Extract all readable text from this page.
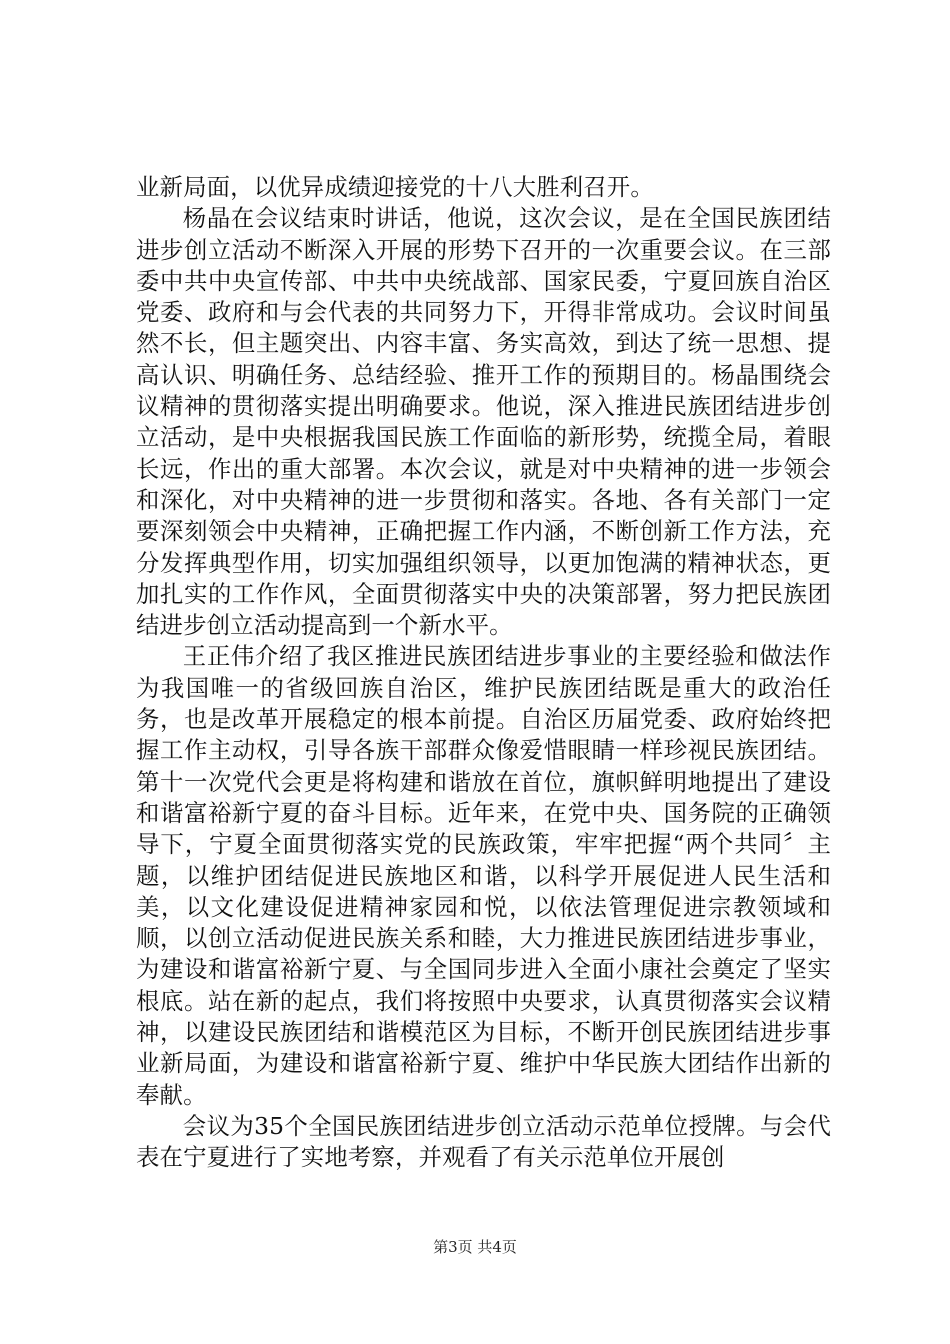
业新局面，以优异成绩迎接党的十八大胜利召开。

杨晶在会议结束时讲话，他说，这次会议，是在全国民族团结进步创立活动不断深入开展的形势下召开的一次重要会议。在三部委中共中央宣传部、中共中央统战部、国家民委，宁夏回族自治区党委、政府和与会代表的共同努力下，开得非常成功。会议时间虽然不长，但主题突出、内容丰富、务实高效，到达了统一思想、提高认识、明确任务、总结经验、推开工作的预期目的。杨晶围绕会议精神的贯彻落实提出明确要求。他说，深入推进民族团结进步创立活动，是中央根据我国民族工作面临的新形势，统揽全局，着眼长远，作出的重大部署。本次会议，就是对中央精神的进一步领会和深化，对中央精神的进一步贯彻和落实。各地、各有关部门一定要深刻领会中央精神，正确把握工作内涵，不断创新工作方法，充分发挥典型作用，切实加强组织领导，以更加饱满的精神状态，更加扎实的工作作风，全面贯彻落实中央的决策部署，努力把民族团结进步创立活动提高到一个新水平。

王正伟介绍了我区推进民族团结进步事业的主要经验和做法作为我国唯一的省级回族自治区，维护民族团结既是重大的政治任务，也是改革开展稳定的根本前提。自治区历届党委、政府始终把握工作主动权，引导各族干部群众像爱惜眼睛一样珍视民族团结。第十一次党代会更是将构建和谐放在首位，旗帜鲜明地提出了建设和谐富裕新宁夏的奋斗目标。近年来，在党中央、国务院的正确领导下，宁夏全面贯彻落实党的民族政策，牢牢把握“两个共同〞主题，以维护团结促进民族地区和谐，以科学开展促进人民生活和美，以文化建设促进精神家园和悦，以依法管理促进宗教领域和顺，以创立活动促进民族关系和睦，大力推进民族团结进步事业，为建设和谐富裕新宁夏、与全国同步进入全面小康社会奠定了坚实根底。站在新的起点，我们将按照中央要求，认真贯彻落实会议精神，以建设民族团结和谐模范区为目标，不断开创民族团结进步事业新局面，为建设和谐富裕新宁夏、维护中华民族大团结作出新的奉献。

会议为35个全国民族团结进步创立活动示范单位授牌。与会代表在宁夏进行了实地考察，并观看了有关示范单位开展创

第3页 共4页
